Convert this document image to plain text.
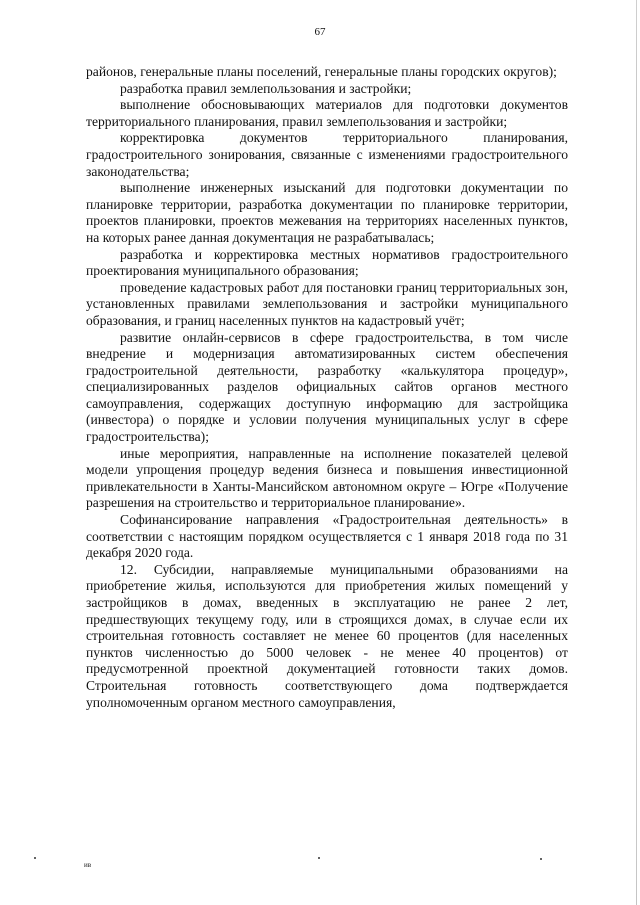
67

районов, генеральные планы поселений, генеральные планы городских округов);

разработка правил землепользования и застройки;

выполнение обосновывающих материалов для подготовки документов территориального планирования, правил землепользования и застройки;

корректировка документов территориального планирования, градостроительного зонирования, связанные с изменениями градостроительного законодательства;

выполнение инженерных изысканий для подготовки документации по планировке территории, разработка документации по планировке территории, проектов планировки, проектов межевания на территориях населенных пунктов, на которых ранее данная документация не разрабатывалась;

разработка и корректировка местных нормативов градостроительного проектирования муниципального образования;

проведение кадастровых работ для постановки границ территориальных зон, установленных правилами землепользования и застройки муниципального образования, и границ населенных пунктов на кадастровый учёт;

развитие онлайн-сервисов в сфере градостроительства, в том числе внедрение и модернизация автоматизированных систем обеспечения градостроительной деятельности, разработку «калькулятора процедур», специализированных разделов официальных сайтов органов местного самоуправления, содержащих доступную информацию для застройщика (инвестора) о порядке и условии получения муниципальных услуг в сфере градостроительства);

иные мероприятия, направленные на исполнение показателей целевой модели упрощения процедур ведения бизнеса и повышения инвестиционной привлекательности в Ханты-Мансийском автономном округе – Югре «Получение разрешения на строительство и территориальное планирование».

Софинансирование направления «Градостроительная деятельность» в соответствии с настоящим порядком осуществляется с 1 января 2018 года по 31 декабря 2020 года.

12. Субсидии, направляемые муниципальными образованиями на приобретение жилья, используются для приобретения жилых помещений у застройщиков в домах, введенных в эксплуатацию не ранее 2 лет, предшествующих текущему году, или в строящихся домах, в случае если их строительная готовность составляет не менее 60 процентов (для населенных пунктов численностью до 5000 человек - не менее 40 процентов) от предусмотренной проектной документацией готовности таких домов. Строительная готовность соответствующего дома подтверждается уполномоченным органом местного самоуправления,

ив
